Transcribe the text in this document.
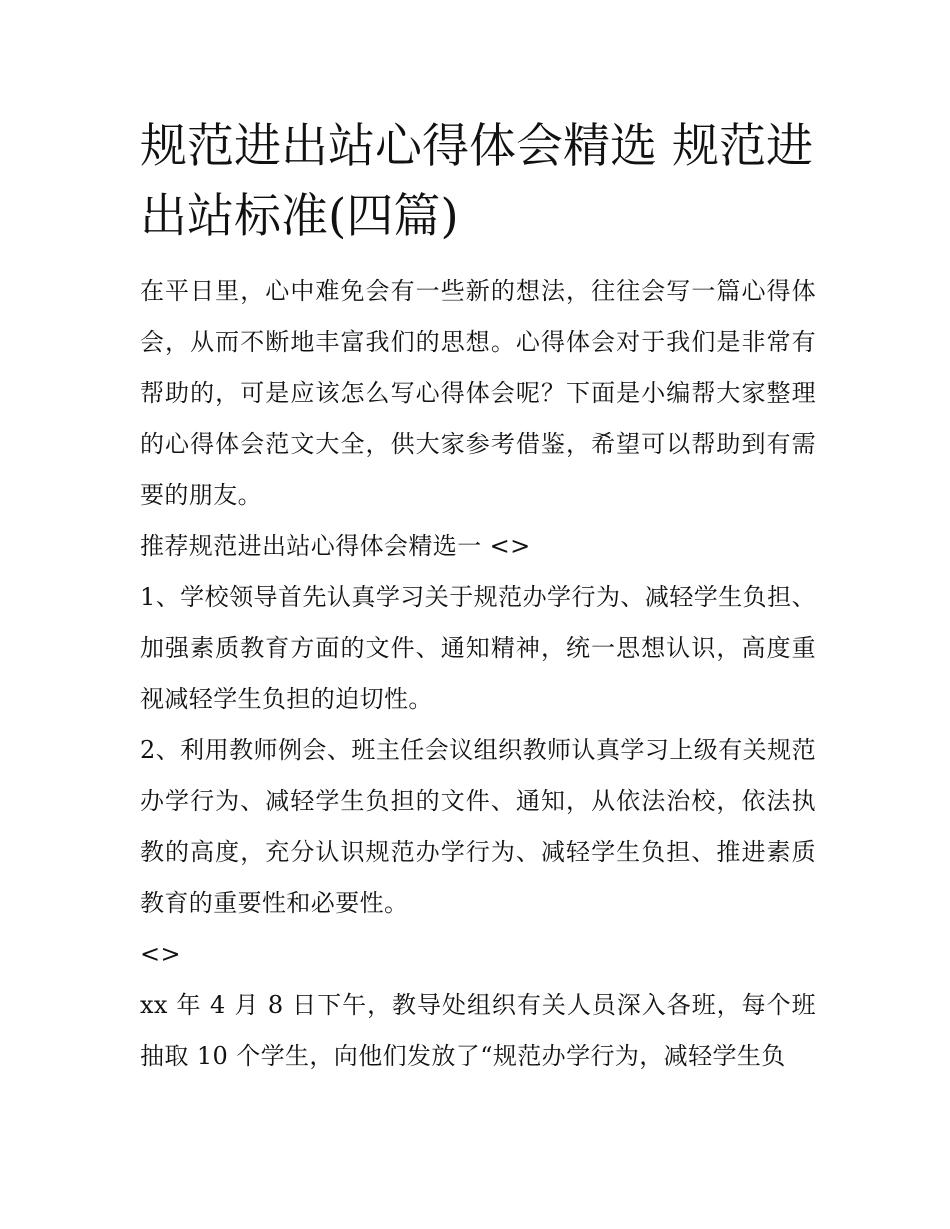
规范进出站心得体会精选 规范进出站标准(四篇)

在平日里，心中难免会有一些新的想法，往往会写一篇心得体会，从而不断地丰富我们的思想。心得体会对于我们是非常有帮助的，可是应该怎么写心得体会呢？下面是小编帮大家整理的心得体会范文大全，供大家参考借鉴，希望可以帮助到有需要的朋友。

推荐规范进出站心得体会精选一 <>

1、学校领导首先认真学习关于规范办学行为、减轻学生负担、加强素质教育方面的文件、通知精神，统一思想认识，高度重视减轻学生负担的迫切性。

2、利用教师例会、班主任会议组织教师认真学习上级有关规范办学行为、减轻学生负担的文件、通知，从依法治校，依法执教的高度，充分认识规范办学行为、减轻学生负担、推进素质教育的重要性和必要性。

<>

xx 年 4 月 8 日下午，教导处组织有关人员深入各班，每个班抽取 10 个学生，向他们发放了“规范办学行为，减轻学生负
